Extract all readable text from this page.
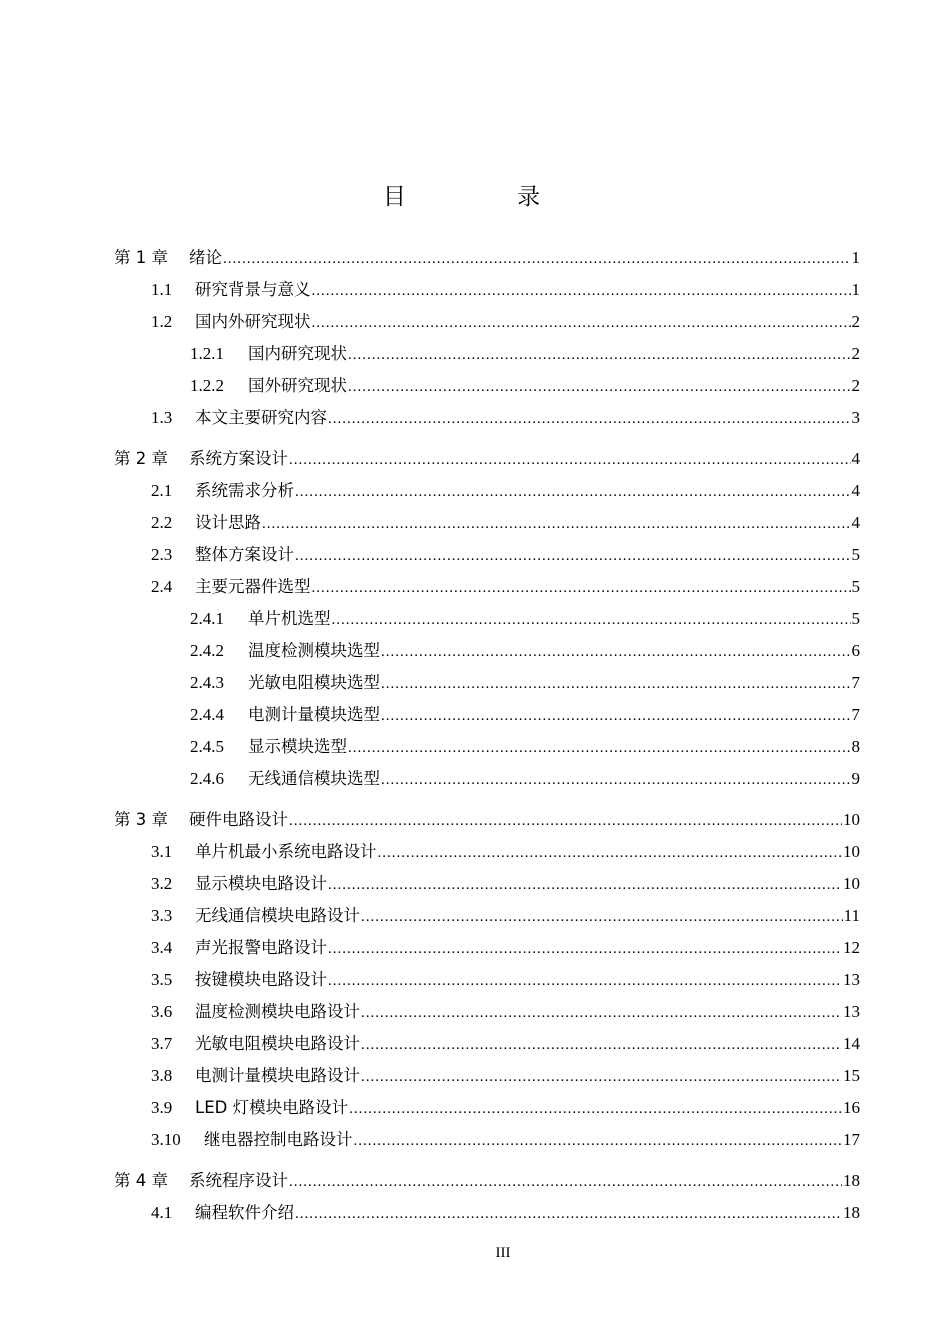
目 录
第 1 章	绪论 .....	1
1.1	研究背景与意义 .....	1
1.2	国内外研究现状 .....	2
1.2.1	国内研究现状 .....	2
1.2.2	国外研究现状 .....	2
1.3	本文主要研究内容 .....	3
第 2 章	系统方案设计 .....	4
2.1	系统需求分析 .....	4
2.2	设计思路 .....	4
2.3	整体方案设计 .....	5
2.4	主要元器件选型 .....	5
2.4.1	单片机选型 .....	5
2.4.2	温度检测模块选型 .....	6
2.4.3	光敏电阻模块选型 .....	7
2.4.4	电测计量模块选型 .....	7
2.4.5	显示模块选型 .....	8
2.4.6	无线通信模块选型 .....	9
第 3 章	硬件电路设计 .....	10
3.1	单片机最小系统电路设计 .....	10
3.2	显示模块电路设计 .....	10
3.3	无线通信模块电路设计 .....	11
3.4	声光报警电路设计 .....	12
3.5	按键模块电路设计 .....	13
3.6	温度检测模块电路设计 .....	13
3.7	光敏电阻模块电路设计 .....	14
3.8	电测计量模块电路设计 .....	15
3.9	LED 灯模块电路设计 .....	16
3.10	继电器控制电路设计 .....	17
第 4 章	系统程序设计 .....	18
4.1	编程软件介绍 .....	18
III
